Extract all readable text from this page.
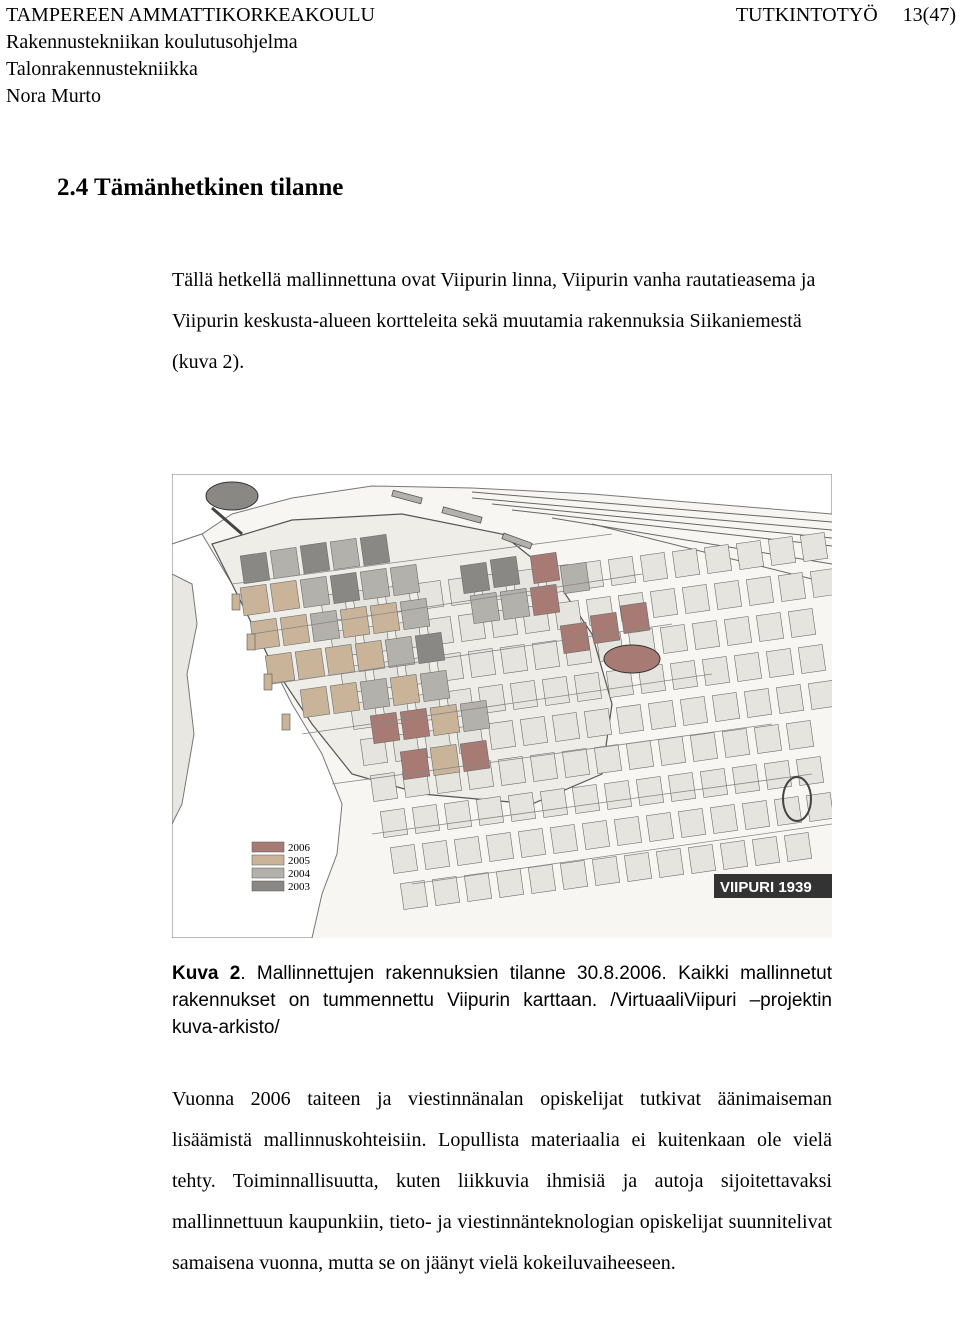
TAMPEREEN AMMATTIKORKEAKOULU	TUTKINTOTYÖ 13(47)
Rakennustekniikan koulutusohjelma
Talonrakennustekniikka
Nora Murto
2.4 Tämänhetkinen tilanne

Tällä hetkellä mallinnettuna ovat Viipurin linna, Viipurin vanha rautatieasema ja Viipurin keskusta-alueen kortteleita sekä muutamia rakennuksia Siikaniemestä (kuva 2).

2006
2005
2004
2003	VIIPURI 1939

Kuva 2. Mallinnettujen rakennuksien tilanne 30.8.2006. Kaikki mallinnetut rakennukset on tummennettu Viipurin karttaan. /VirtuaaliViipuri –projektin kuva-arkisto/

Vuonna 2006 taiteen ja viestinnänalan opiskelijat tutkivat äänimaiseman lisäämistä mallinnuskohteisiin. Lopullista materiaalia ei kuitenkaan ole vielä tehty. Toiminnallisuutta, kuten liikkuvia ihmisiä ja autoja sijoitettavaksi mallinnettuun kaupunkiin, tieto- ja viestinnänteknologian opiskelijat suunnitelivat samaisena vuonna, mutta se on jäänyt vielä kokeiluvaiheeseen.
